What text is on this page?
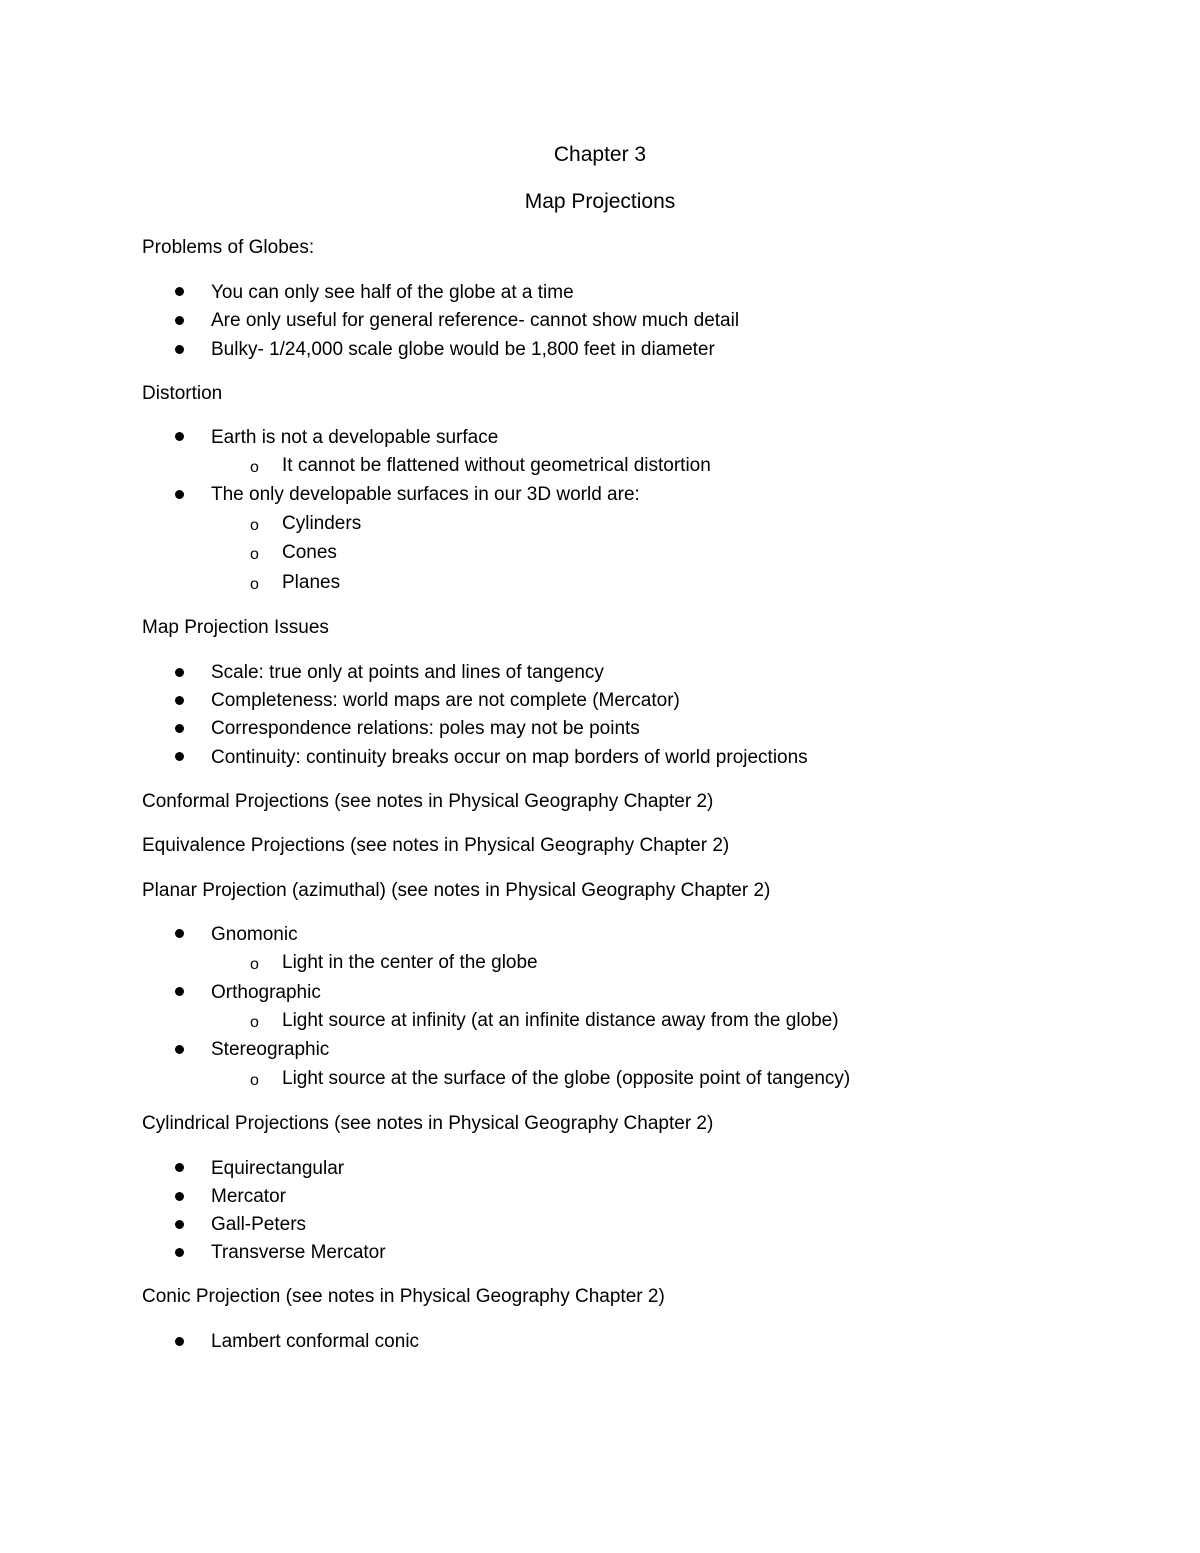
Chapter 3
Map Projections
Problems of Globes:
You can only see half of the globe at a time
Are only useful for general reference- cannot show much detail
Bulky- 1/24,000 scale globe would be 1,800 feet in diameter
Distortion
Earth is not a developable surface
o It cannot be flattened without geometrical distortion
The only developable surfaces in our 3D world are:
o Cylinders
o Cones
o Planes
Map Projection Issues
Scale: true only at points and lines of tangency
Completeness: world maps are not complete (Mercator)
Correspondence relations: poles may not be points
Continuity: continuity breaks occur on map borders of world projections
Conformal Projections (see notes in Physical Geography Chapter 2)
Equivalence Projections (see notes in Physical Geography Chapter 2)
Planar Projection (azimuthal) (see notes in Physical Geography Chapter 2)
Gnomonic
o Light in the center of the globe
Orthographic
o Light source at infinity (at an infinite distance away from the globe)
Stereographic
o Light source at the surface of the globe (opposite point of tangency)
Cylindrical Projections (see notes in Physical Geography Chapter 2)
Equirectangular
Mercator
Gall-Peters
Transverse Mercator
Conic Projection (see notes in Physical Geography Chapter 2)
Lambert conformal conic
